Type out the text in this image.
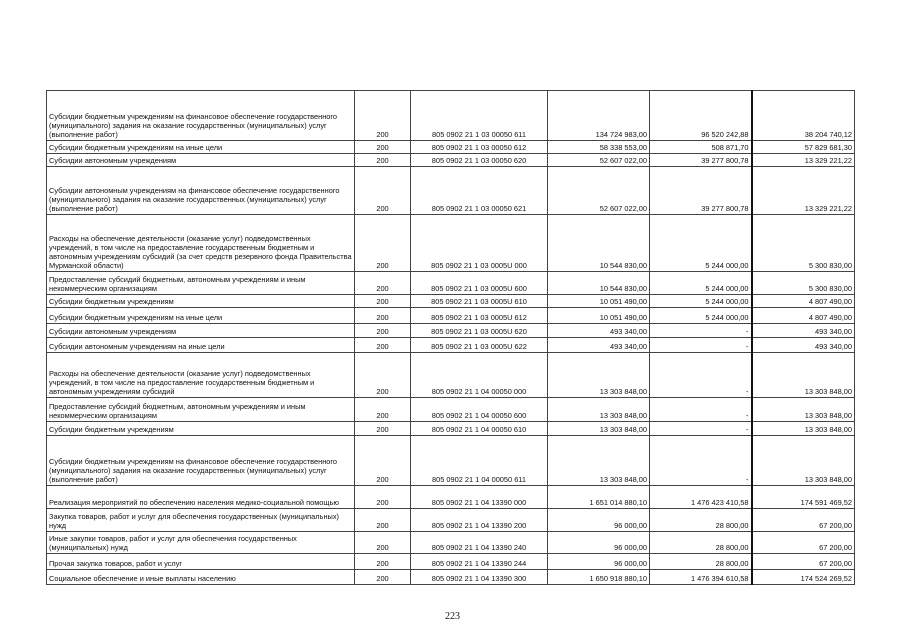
Субсидии бюджетным учреждениям на финансовое обеспечение государственного (муниципального) задания на оказание государственных (муниципальных) услуг (выполнение работ)	200	805 0902 21 1 03 00050 611	134 724 983,00	96 520 242,88	38 204 740,12
Субсидии бюджетным учреждениям на иные цели	200	805 0902 21 1 03 00050 612	58 338 553,00	508 871,70	57 829 681,30
Субсидии автономным учреждениям	200	805 0902 21 1 03 00050 620	52 607 022,00	39 277 800,78	13 329 221,22
Субсидии автономным учреждениям на финансовое обеспечение государственного (муниципального) задания на оказание государственных (муниципальных) услуг (выполнение работ)	200	805 0902 21 1 03 00050 621	52 607 022,00	39 277 800,78	13 329 221,22
Расходы на обеспечение деятельности (оказание услуг) подведомственных учреждений, в том числе на предоставление государственным бюджетным и автономным учреждениям субсидий (за счет средств резервного фонда Правительства Мурманской области)	200	805 0902 21 1 03 0005U 000	10 544 830,00	5 244 000,00	5 300 830,00
Предоставление субсидий бюджетным, автономным учреждениям и иным некоммерческим организациям	200	805 0902 21 1 03 0005U 600	10 544 830,00	5 244 000,00	5 300 830,00
Субсидии бюджетным учреждениям	200	805 0902 21 1 03 0005U 610	10 051 490,00	5 244 000,00	4 807 490,00
Субсидии бюджетным учреждениям на иные цели	200	805 0902 21 1 03 0005U 612	10 051 490,00	5 244 000,00	4 807 490,00
Субсидии автономным учреждениям	200	805 0902 21 1 03 0005U 620	493 340,00	-	493 340,00
Субсидии автономным учреждениям на иные цели	200	805 0902 21 1 03 0005U 622	493 340,00	-	493 340,00
Расходы на обеспечение деятельности (оказание услуг) подведомственных учреждений, в том числе на предоставление государственным бюджетным и автономным учреждениям субсидий	200	805 0902 21 1 04 00050 000	13 303 848,00	-	13 303 848,00
Предоставление субсидий бюджетным, автономным учреждениям и иным некоммерческим организациям	200	805 0902 21 1 04 00050 600	13 303 848,00	-	13 303 848,00
Субсидии бюджетным учреждениям	200	805 0902 21 1 04 00050 610	13 303 848,00	-	13 303 848,00
Субсидии бюджетным учреждениям на финансовое обеспечение государственного (муниципального) задания на оказание государственных (муниципальных) услуг (выполнение работ)	200	805 0902 21 1 04 00050 611	13 303 848,00	-	13 303 848,00
Реализация мероприятий по обеспечению населения медико-социальной помощью	200	805 0902 21 1 04 13390 000	1 651 014 880,10	1 476 423 410,58	174 591 469,52
Закупка товаров, работ и услуг для обеспечения государственных (муниципальных) нужд	200	805 0902 21 1 04 13390 200	96 000,00	28 800,00	67 200,00
Иные закупки товаров, работ и услуг для обеспечения государственных (муниципальных) нужд	200	805 0902 21 1 04 13390 240	96 000,00	28 800,00	67 200,00
Прочая закупка товаров, работ и услуг	200	805 0902 21 1 04 13390 244	96 000,00	28 800,00	67 200,00
Социальное обеспечение и иные выплаты населению	200	805 0902 21 1 04 13390 300	1 650 918 880,10	1 476 394 610,58	174 524 269,52
223
